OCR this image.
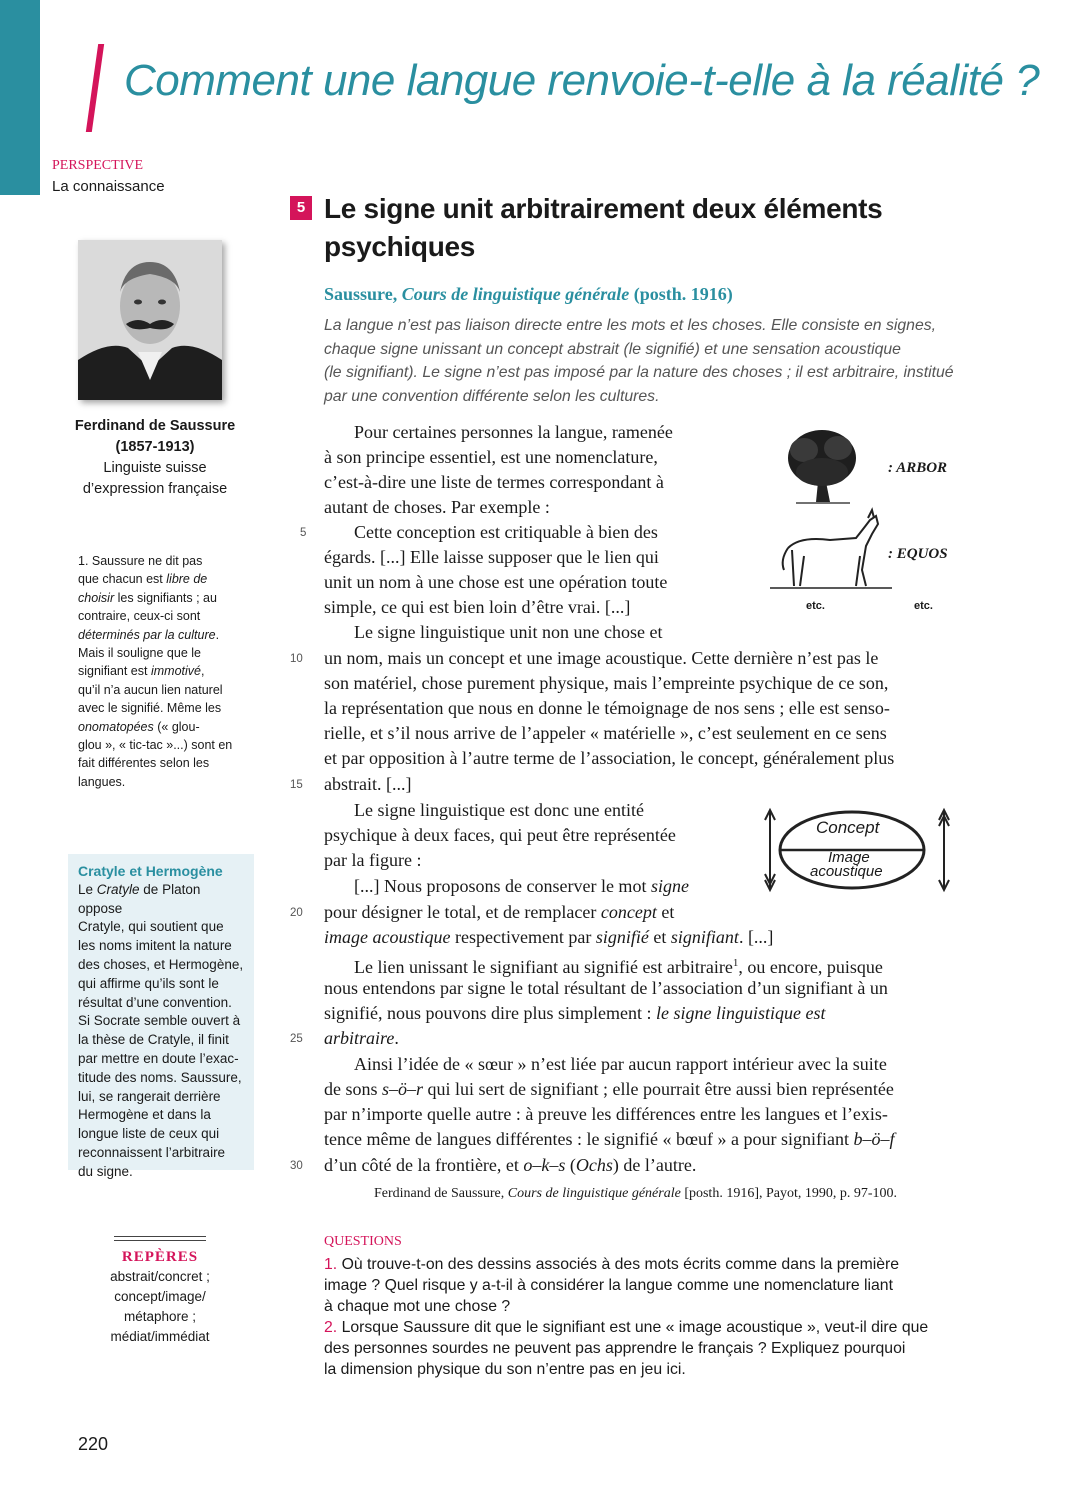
Comment une langue renvoie-t-elle à la réalité ?
PERSPECTIVE
La connaissance
Ferdinand de Saussure
(1857-1913)
Linguiste suisse
d’expression française
1. Saussure ne dit pas
que chacun est libre de
choisir les signifiants ; au
contraire, ceux-ci sont
déterminés par la culture.
Mais il souligne que le
signifiant est immotivé,
qu’il n’a aucun lien naturel
avec le signifié. Même les
onomatopées (« glou-
glou », « tic-tac »...) sont en
fait différentes selon les
langues.
Cratyle et Hermogène
Le Cratyle de Platon oppose
Cratyle, qui soutient que
les noms imitent la nature
des choses, et Hermogène,
qui affirme qu’ils sont le
résultat d’une convention.
Si Socrate semble ouvert à
la thèse de Cratyle, il finit
par mettre en doute l’exac-
titude des noms. Saussure,
lui, se rangerait derrière
Hermogène et dans la
longue liste de ceux qui
reconnaissent l’arbitraire
du signe.
REPÈRES
abstrait/concret ;
concept/image/
métaphore ;
médiat/immédiat
5 Le signe unit arbitrairement deux éléments
psychiques
Saussure, Cours de linguistique générale (posth. 1916)
La langue n’est pas liaison directe entre les mots et les choses. Elle consiste en signes,
chaque signe unissant un concept abstrait (le signifié) et une sensation acoustique
(le signifiant). Le signe n’est pas imposé par la nature des choses ; il est arbitraire, institué
par une convention différente selon les cultures.
Pour certaines personnes la langue, ramenée
à son principe essentiel, est une nomenclature,
c’est-à-dire une liste de termes correspondant à
autant de choses. Par exemple :
Cette conception est critiquable à bien des
égards. [...] Elle laisse supposer que le lien qui
unit un nom à une chose est une opération toute
simple, ce qui est bien loin d’être vrai. [...]
Le signe linguistique unit non une chose et
un nom, mais un concept et une image acoustique. Cette dernière n’est pas le
son matériel, chose purement physique, mais l’empreinte psychique de ce son,
la représentation que nous en donne le témoignage de nos sens ; elle est senso-
rielle, et s’il nous arrive de l’appeler « matérielle », c’est seulement en ce sens
et par opposition à l’autre terme de l’association, le concept, généralement plus
abstrait. [...]
Le signe linguistique est donc une entité
psychique à deux faces, qui peut être représentée
par la figure :
[...] Nous proposons de conserver le mot signe
pour désigner le total, et de remplacer concept et
image acoustique respectivement par signifié et signifiant. [...]
Le lien unissant le signifiant au signifié est arbitraire$^1$, ou encore, puisque
nous entendons par signe le total résultant de l’association d’un signifiant à un
signifié, nous pouvons dire plus simplement : le signe linguistique est
arbitraire.
Ainsi l’idée de « sœur » n’est liée par aucun rapport intérieur avec la suite
de sons s–ö–r qui lui sert de signifiant ; elle pourrait être aussi bien représentée
par n’importe quelle autre : à preuve les différences entre les langues et l’exis-
tence même de langues différentes : le signifié « bœuf » a pour signifiant b–ö–f
d’un côté de la frontière, et o–k–s (Ochs) de l’autre.
5
10
15
20
25
30
: ARBOR
: EQUOS
etc.	etc.
Concept
Image
acoustique
Ferdinand de Saussure, Cours de linguistique générale [posth. 1916], Payot, 1990, p. 97-100.
QUESTIONS
1. Où trouve-t-on des dessins associés à des mots écrits comme dans la première
image ? Quel risque y a-t-il à considérer la langue comme une nomenclature liant
à chaque mot une chose ?
2. Lorsque Saussure dit que le signifiant est une « image acoustique », veut-il dire que
des personnes sourdes ne peuvent pas apprendre le français ? Expliquez pourquoi
la dimension physique du son n’entre pas en jeu ici.
220
